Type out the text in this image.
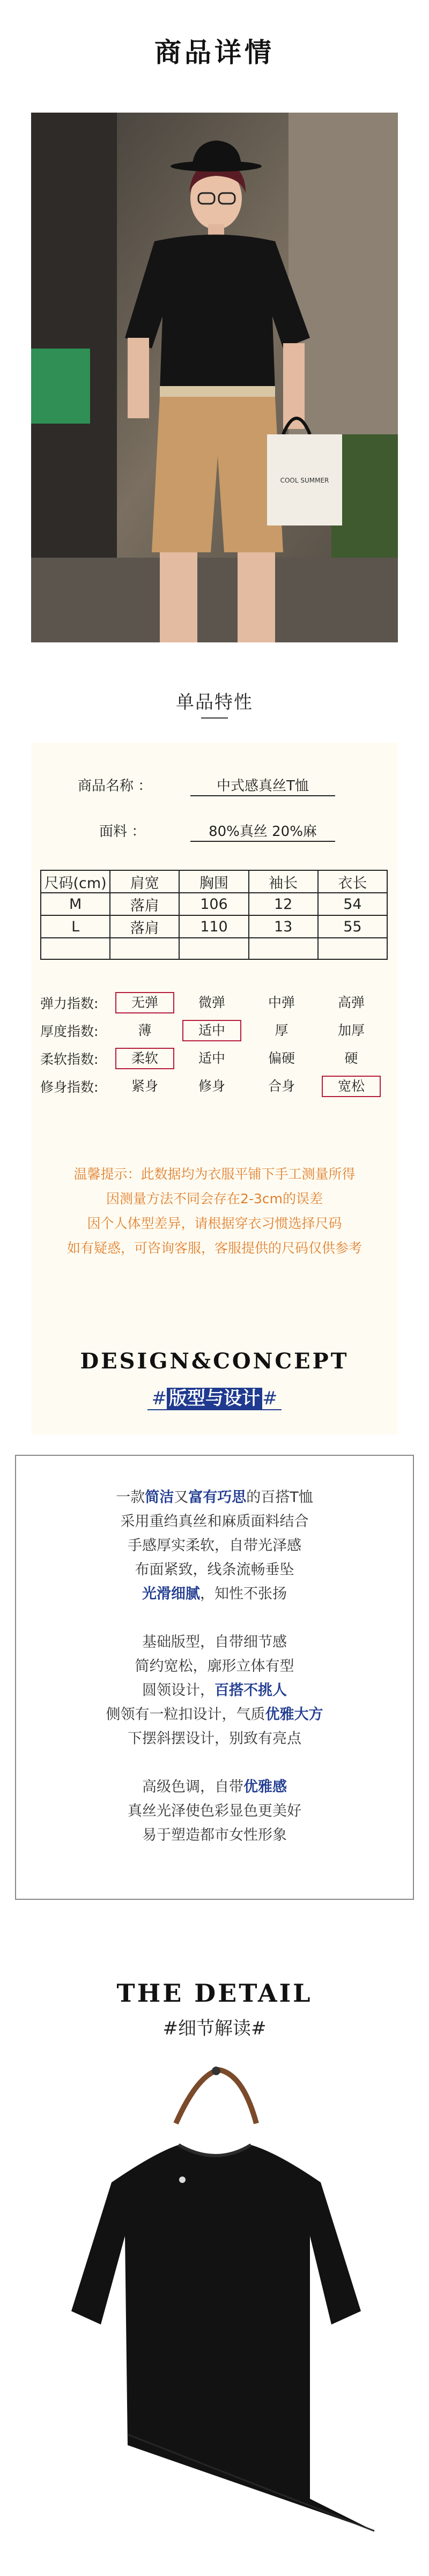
商品详情
COOL SUMMER
单品特性
商品名称 ：	中式感真丝T恤
面料 ：	80%真丝 20%麻
尺码(cm)	肩宽	胸围	袖长	衣长
M	落肩	106	12	54
L	落肩	110	13	55

弹力指数:	无弹	微弹	中弹	高弹
厚度指数:	薄	适中	厚	加厚
柔软指数:	柔软	适中	偏硬	硬
修身指数:	紧身	修身	合身	宽松
温馨提示：此数据均为衣服平铺下手工测量所得
因测量方法不同会存在2-3cm的误差
因个人体型差异，请根据穿衣习惯选择尺码
如有疑惑，可咨询客服，客服提供的尺码仅供参考
DESIGN&CONCEPT
# 版型与设计 #
一款简洁又富有巧思的百搭T恤
采用重绉真丝和麻质面料结合
手感厚实柔软，自带光泽感
布面紧致，线条流畅垂坠
光滑细腻，知性不张扬
基础版型，自带细节感
简约宽松，廓形立体有型
圆领设计，百搭不挑人
侧领有一粒扣设计，气质优雅大方
下摆斜摆设计，别致有亮点
高级色调，自带优雅感
真丝光泽使色彩显色更美好
易于塑造都市女性形象
THE DETAIL
#细节解读#
